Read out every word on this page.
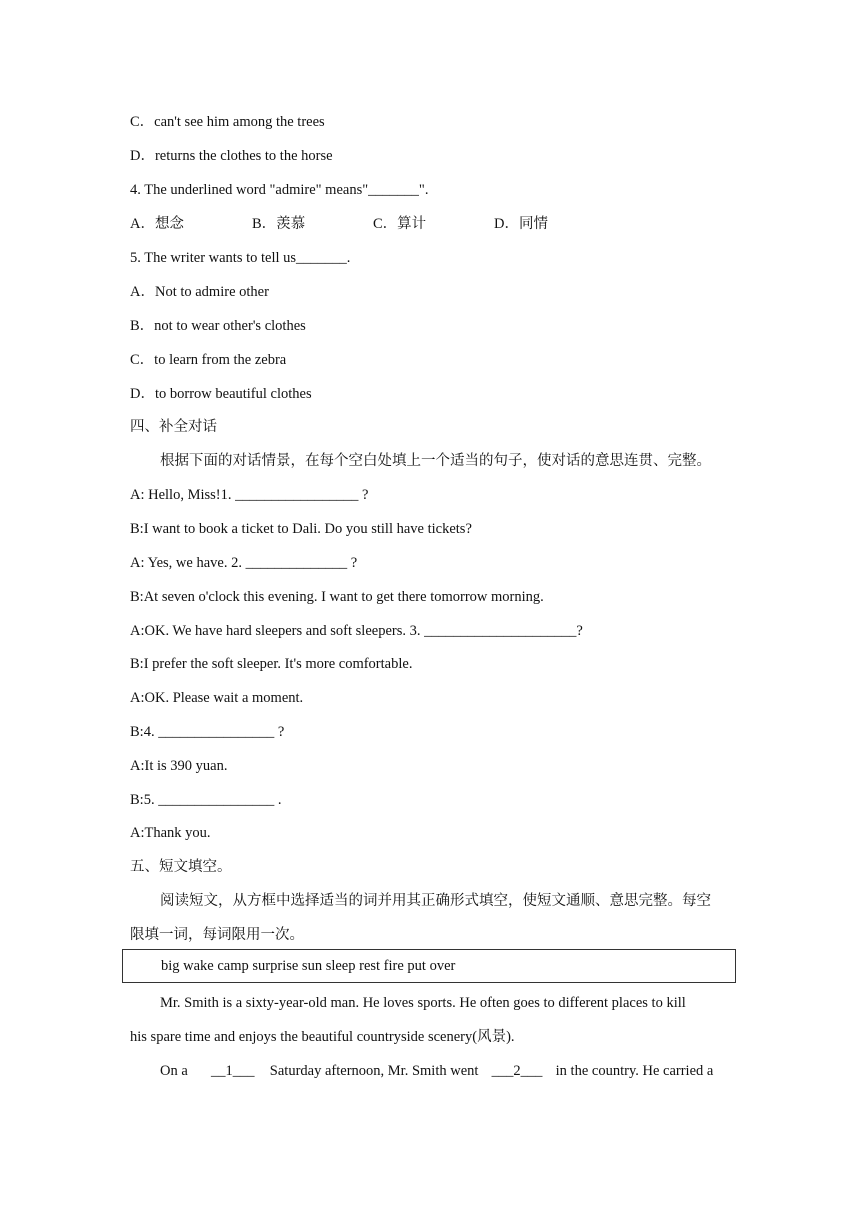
C．can't see him among the trees
D．returns the clothes to the horse
4. The underlined word "admire" means"_______".
A．想念	B．羡慕	C．算计	D．同情
5. The writer wants to tell us_______.
A．Not to admire other
B．not to wear other's clothes
C．to learn from the zebra
D．to borrow beautiful clothes
四、补全对话
根据下面的对话情景，在每个空白处填上一个适当的句子，使对话的意思连贯、完整。
A: Hello, Miss!1. _________________ ?
B:I want to book a ticket to Dali. Do you still have tickets?
A: Yes, we have. 2. ______________ ?
B:At seven o'clock this evening. I want to get there tomorrow morning.
A:OK. We have hard sleepers and soft sleepers. 3. _____________________?
B:I prefer the soft sleeper. It's more comfortable.
A:OK. Please wait a moment.
B:4. ________________ ?
A:It is 390 yuan.
B:5. ________________ .
A:Thank you.
五、短文填空。
阅读短文，从方框中选择适当的词并用其正确形式填空，使短文通顺、意思完整。每空
限填一词，每词限用一次。
big wake camp surprise sun sleep rest fire put over
Mr. Smith is a sixty-year-old man. He loves sports. He often goes to different places to kill
his spare time and enjoys the beautiful countryside scenery(风景).
On a __1___ Saturday afternoon, Mr. Smith went ___2___ in the country. He carried a
